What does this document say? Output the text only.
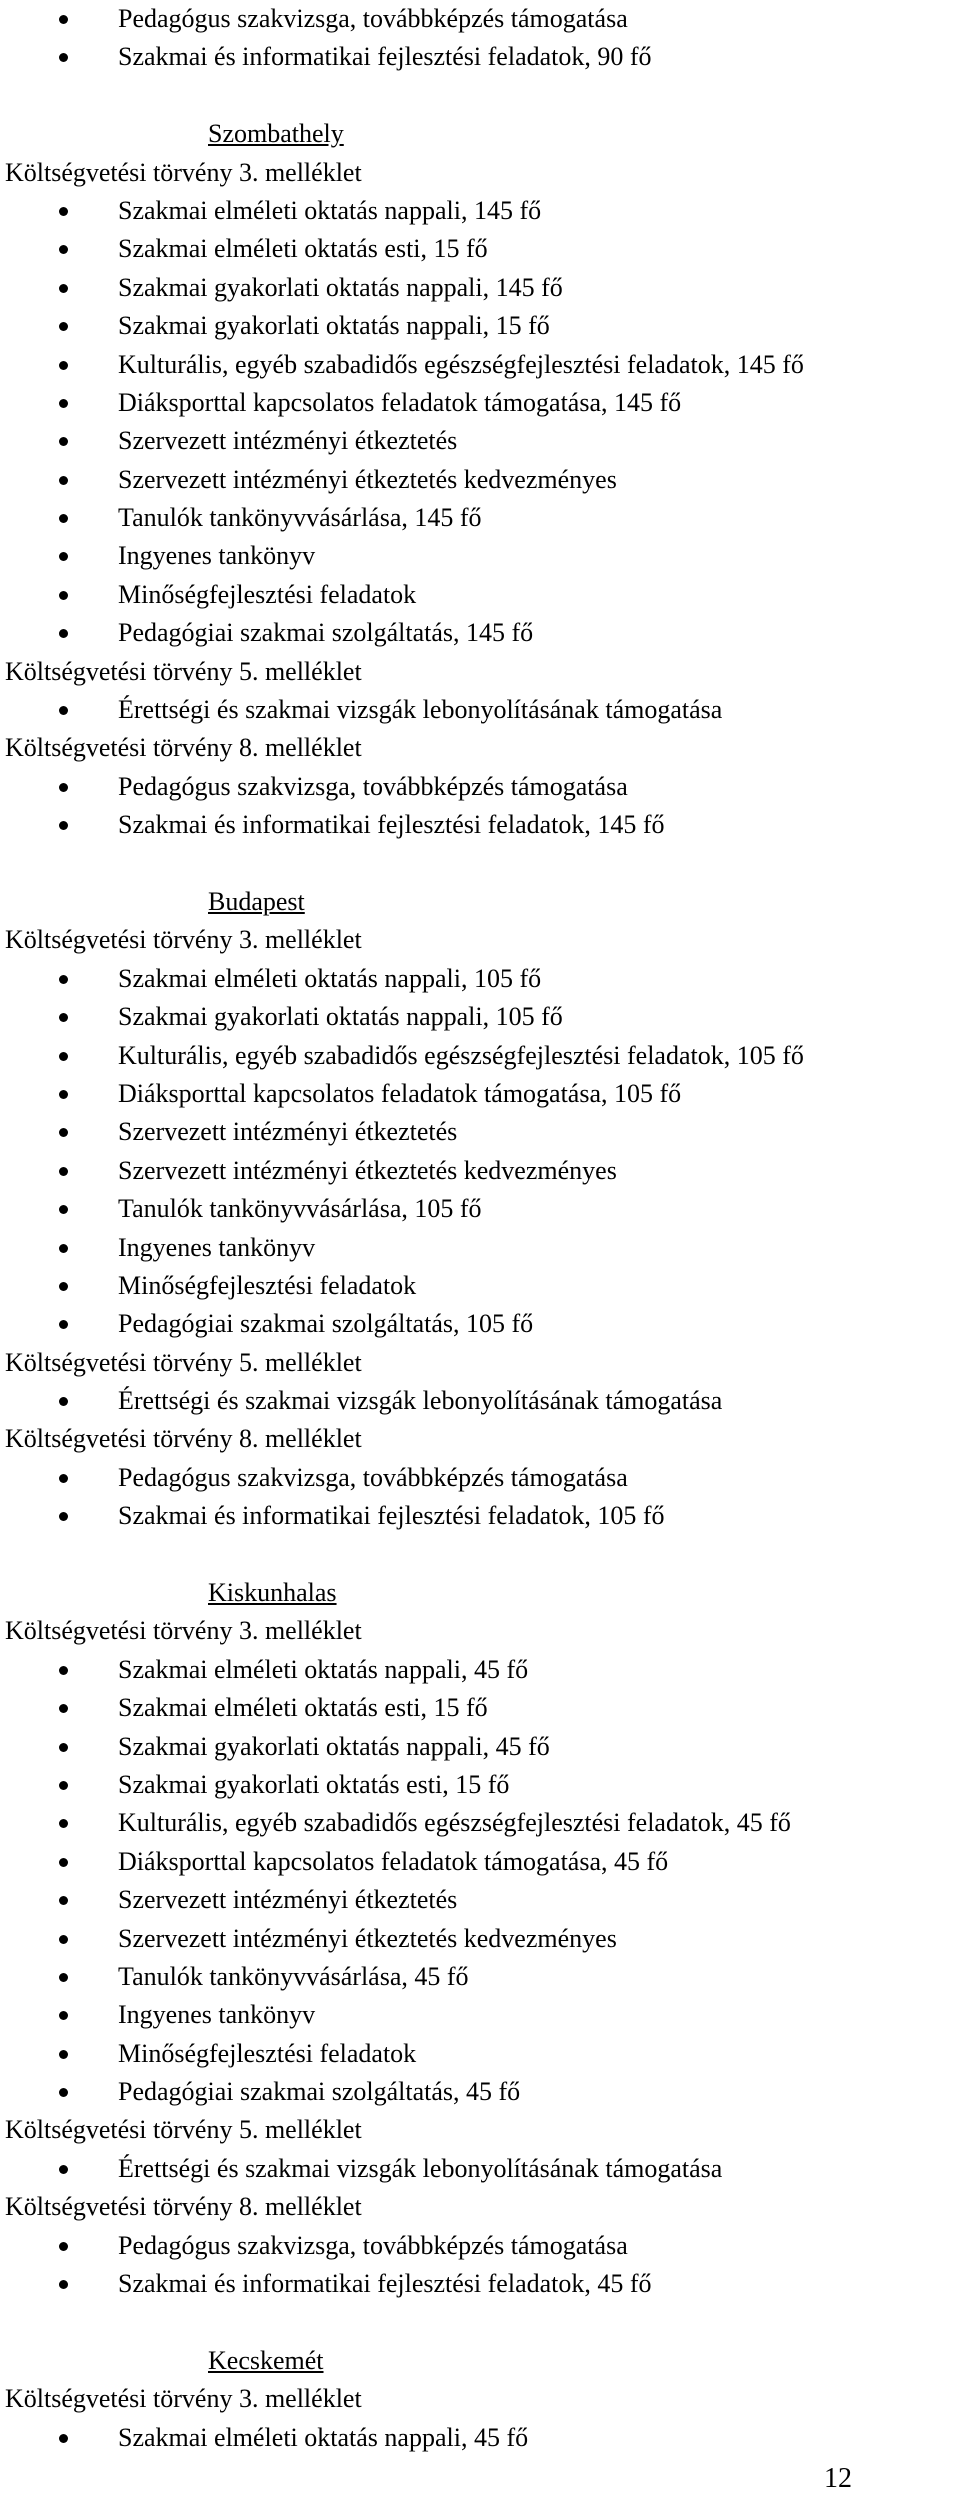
Pedagógus szakvizsga, továbbképzés támogatása
Szakmai és informatikai fejlesztési feladatok, 90 fő
Szombathely
Költségvetési törvény 3. melléklet
Szakmai elméleti oktatás nappali, 145 fő
Szakmai elméleti oktatás esti, 15 fő
Szakmai gyakorlati oktatás nappali, 145 fő
Szakmai gyakorlati oktatás nappali, 15 fő
Kulturális, egyéb szabadidős egészségfejlesztési feladatok, 145 fő
Diáksporttal kapcsolatos feladatok támogatása, 145 fő
Szervezett intézményi étkeztetés
Szervezett intézményi étkeztetés kedvezményes
Tanulók tankönyvvásárlása, 145 fő
Ingyenes tankönyv
Minőségfejlesztési feladatok
Pedagógiai szakmai szolgáltatás, 145 fő
Költségvetési törvény 5. melléklet
Érettségi és szakmai vizsgák lebonyolításának támogatása
Költségvetési törvény 8. melléklet
Pedagógus szakvizsga, továbbképzés támogatása
Szakmai és informatikai fejlesztési feladatok, 145 fő
Budapest
Költségvetési törvény 3. melléklet
Szakmai elméleti oktatás nappali, 105 fő
Szakmai gyakorlati oktatás nappali, 105 fő
Kulturális, egyéb szabadidős egészségfejlesztési feladatok, 105 fő
Diáksporttal kapcsolatos feladatok támogatása, 105 fő
Szervezett intézményi étkeztetés
Szervezett intézményi étkeztetés kedvezményes
Tanulók tankönyvvásárlása, 105 fő
Ingyenes tankönyv
Minőségfejlesztési feladatok
Pedagógiai szakmai szolgáltatás, 105 fő
Költségvetési törvény 5. melléklet
Érettségi és szakmai vizsgák lebonyolításának támogatása
Költségvetési törvény 8. melléklet
Pedagógus szakvizsga, továbbképzés támogatása
Szakmai és informatikai fejlesztési feladatok, 105 fő
Kiskunhalas
Költségvetési törvény 3. melléklet
Szakmai elméleti oktatás nappali, 45 fő
Szakmai elméleti oktatás esti, 15 fő
Szakmai gyakorlati oktatás nappali, 45 fő
Szakmai gyakorlati oktatás esti, 15 fő
Kulturális, egyéb szabadidős egészségfejlesztési feladatok, 45 fő
Diáksporttal kapcsolatos feladatok támogatása, 45 fő
Szervezett intézményi étkeztetés
Szervezett intézményi étkeztetés kedvezményes
Tanulók tankönyvvásárlása, 45 fő
Ingyenes tankönyv
Minőségfejlesztési feladatok
Pedagógiai szakmai szolgáltatás, 45 fő
Költségvetési törvény 5. melléklet
Érettségi és szakmai vizsgák lebonyolításának támogatása
Költségvetési törvény 8. melléklet
Pedagógus szakvizsga, továbbképzés támogatása
Szakmai és informatikai fejlesztési feladatok, 45 fő
Kecskemét
Költségvetési törvény 3. melléklet
Szakmai elméleti oktatás nappali, 45 fő
12
